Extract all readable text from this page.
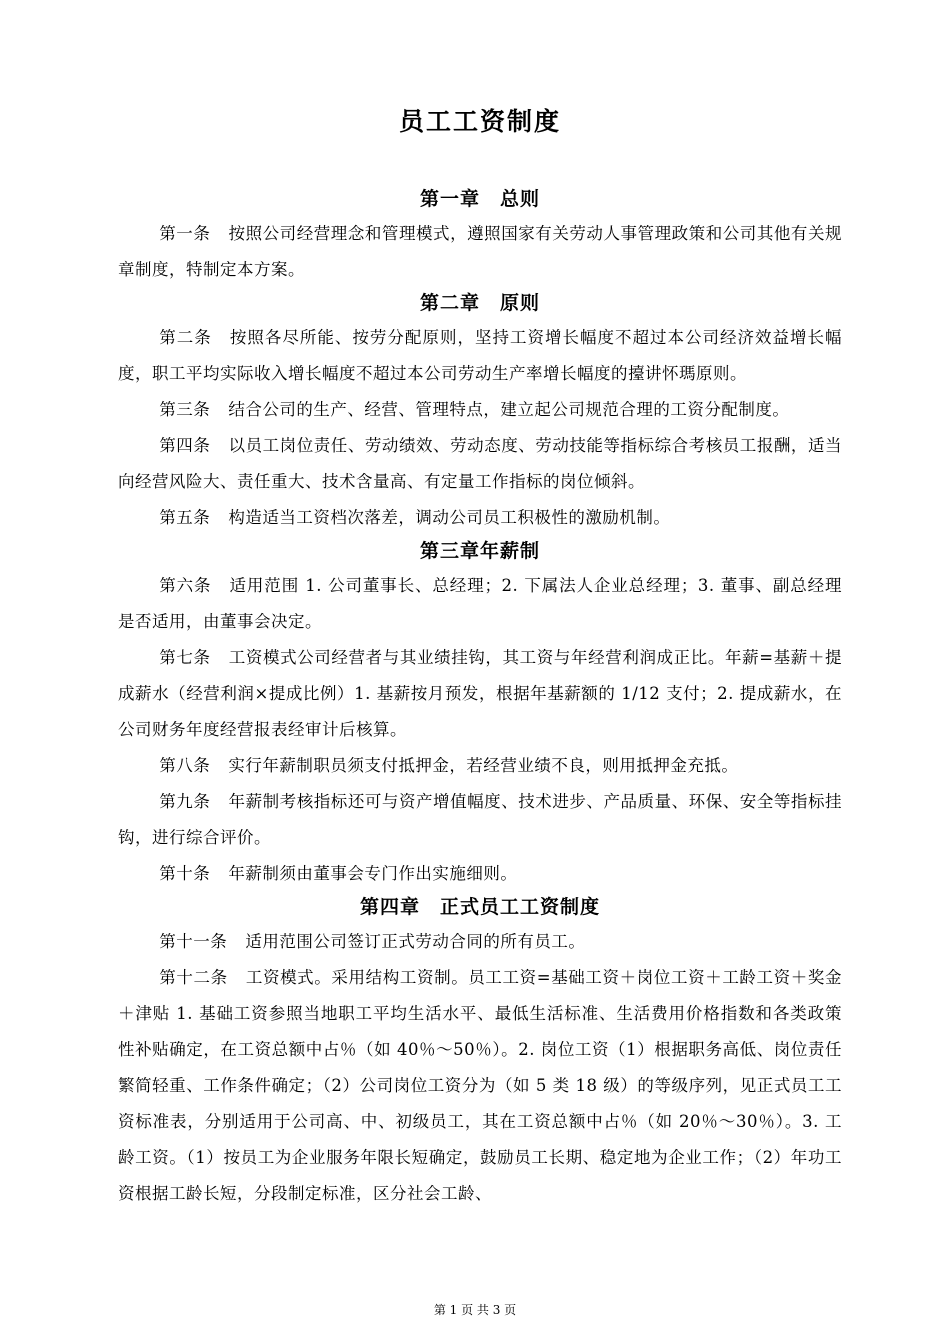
员工工资制度
第一章　总则

第一条 按照公司经营理念和管理模式，遵照国家有关劳动人事管理政策和公司其他有关规章制度，特制定本方案。

第二章　原则

第二条 按照各尽所能、按劳分配原则，坚持工资增长幅度不超过本公司经济效益增长幅度，职工平均实际收入增长幅度不超过本公司劳动生产率增长幅度的擡讲怀瑪原则。

第三条 结合公司的生产、经营、管理特点，建立起公司规范合理的工资分配制度。

第四条 以员工岗位责任、劳动绩效、劳动态度、劳动技能等指标综合考核员工报酬，适当向经营风险大、责任重大、技术含量高、有定量工作指标的岗位倾斜。

第五条 构造适当工资档次落差，调动公司员工积极性的激励机制。

第三章年薪制

第六条 适用范围 1. 公司董事长、总经理；2. 下属法人企业总经理；3. 董事、副总经理是否适用，由董事会决定。

第七条 工资模式公司经营者与其业绩挂钩，其工资与年经营利润成正比。年薪=基薪＋提成薪水（经营利润×提成比例）1. 基薪按月预发，根据年基薪额的 1/12 支付；2. 提成薪水，在公司财务年度经营报表经审计后核算。

第八条 实行年薪制职员须支付抵押金，若经营业绩不良，则用抵押金充抵。

第九条 年薪制考核指标还可与资产增值幅度、技术进步、产品质量、环保、安全等指标挂钩，进行综合评价。

第十条 年薪制须由董事会专门作出实施细则。

第四章　正式员工工资制度

第十一条 适用范围公司签订正式劳动合同的所有员工。

第十二条 工资模式。采用结构工资制。员工工资=基础工资＋岗位工资＋工龄工资＋奖金＋津贴 1. 基础工资参照当地职工平均生活水平、最低生活标准、生活费用价格指数和各类政策性补贴确定，在工资总额中占％（如 40％～50％）。2. 岗位工资（1）根据职务高低、岗位责任繁简轻重、工作条件确定；（2）公司岗位工资分为（如 5 类 18 级）的等级序列，见正式员工工资标准表，分别适用于公司高、中、初级员工，其在工资总额中占％（如 20％～30％）。3. 工龄工资。（1）按员工为企业服务年限长短确定，鼓励员工长期、稳定地为企业工作；（2）年功工资根据工龄长短，分段制定标准，区分社会工龄、

第 1 页 共 3 页
